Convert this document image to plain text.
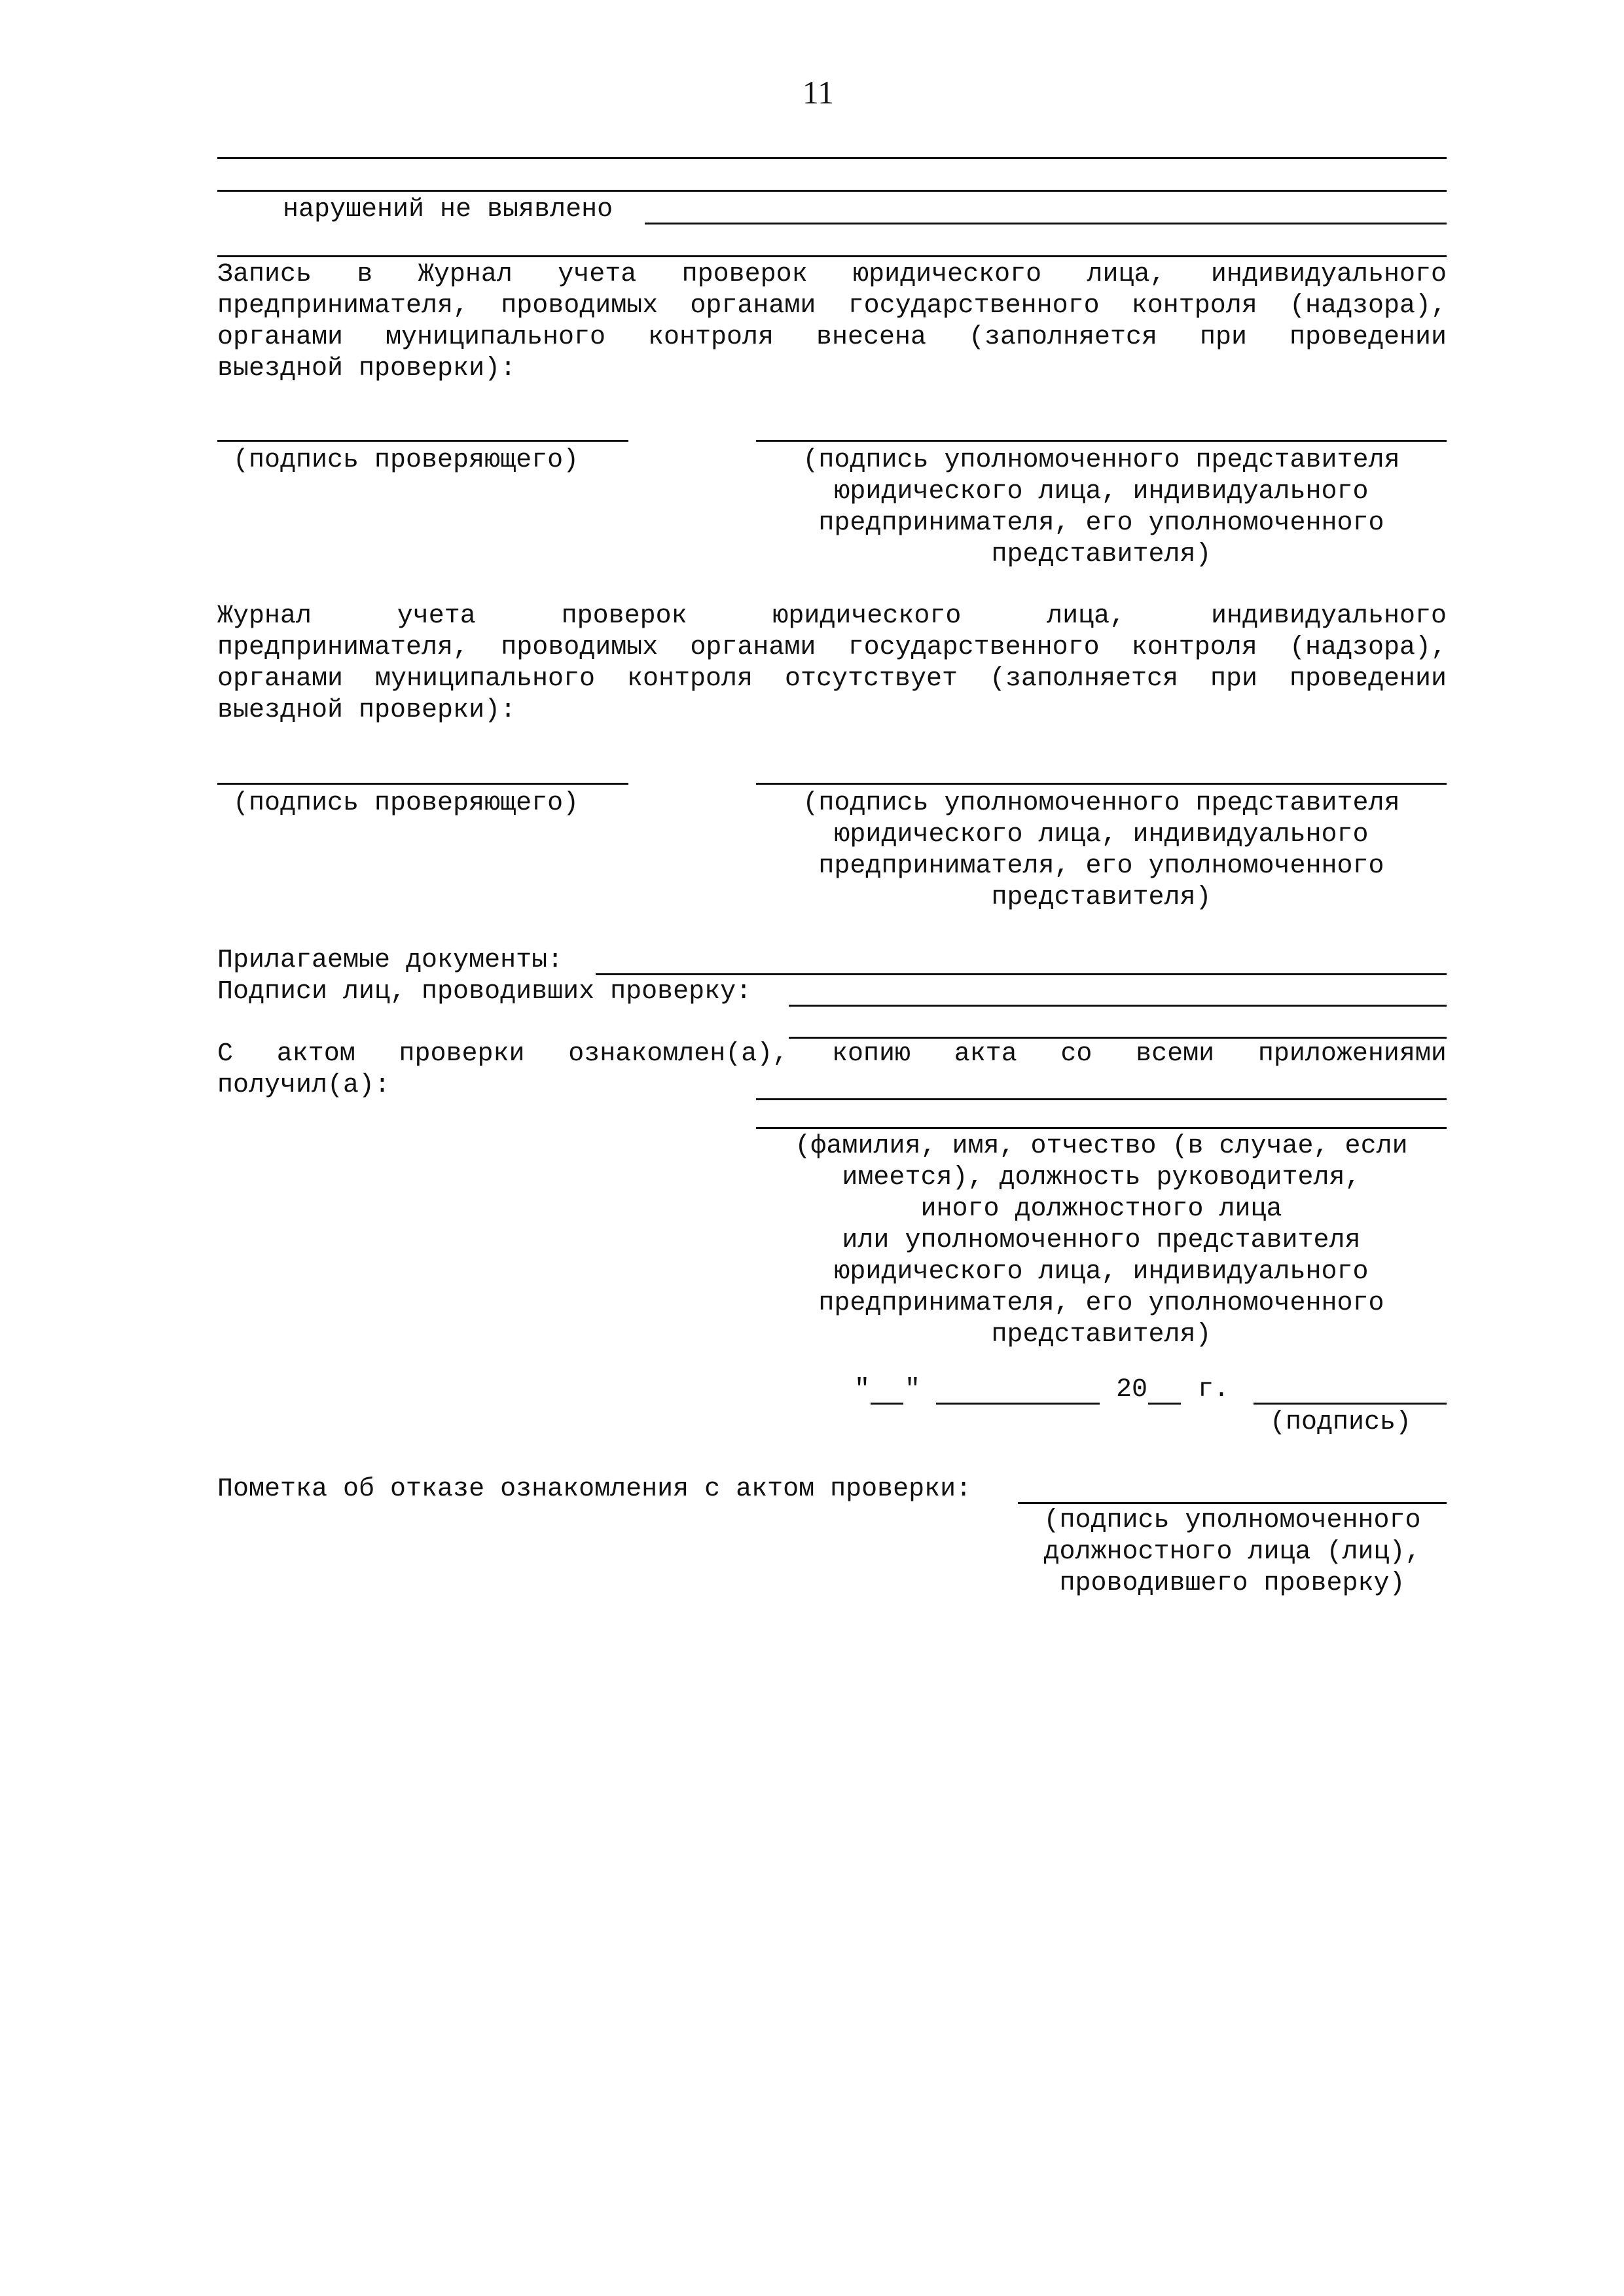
11
нарушений не выявлено
Запись в Журнал учета проверок юридического лица, индивидуального
предпринимателя, проводимых органами государственного контроля (надзора),
органами муниципального контроля внесена (заполняется при проведении
выездной проверки):
(подпись проверяющего)	(подпись уполномоченного представителя
юридического лица, индивидуального
предпринимателя, его уполномоченного
представителя)
Журнал учета проверок юридического лица, индивидуального
предпринимателя, проводимых органами государственного контроля (надзора),
органами муниципального контроля отсутствует (заполняется при проведении
выездной проверки):
(подпись проверяющего)	(подпись уполномоченного представителя
юридического лица, индивидуального
предпринимателя, его уполномоченного
представителя)
Прилагаемые документы:
Подписи лиц, проводивших проверку:
С актом проверки ознакомлен(а), копию акта со всеми приложениями
получил(а):
(фамилия, имя, отчество (в случае, если
имеется), должность руководителя,
иного должностного лица
или уполномоченного представителя
юридического лица, индивидуального
предпринимателя, его уполномоченного
представителя)
" "	20 г.
(подпись)
Пометка об отказе ознакомления с актом проверки:
(подпись уполномоченного
должностного лица (лиц),
проводившего проверку)
